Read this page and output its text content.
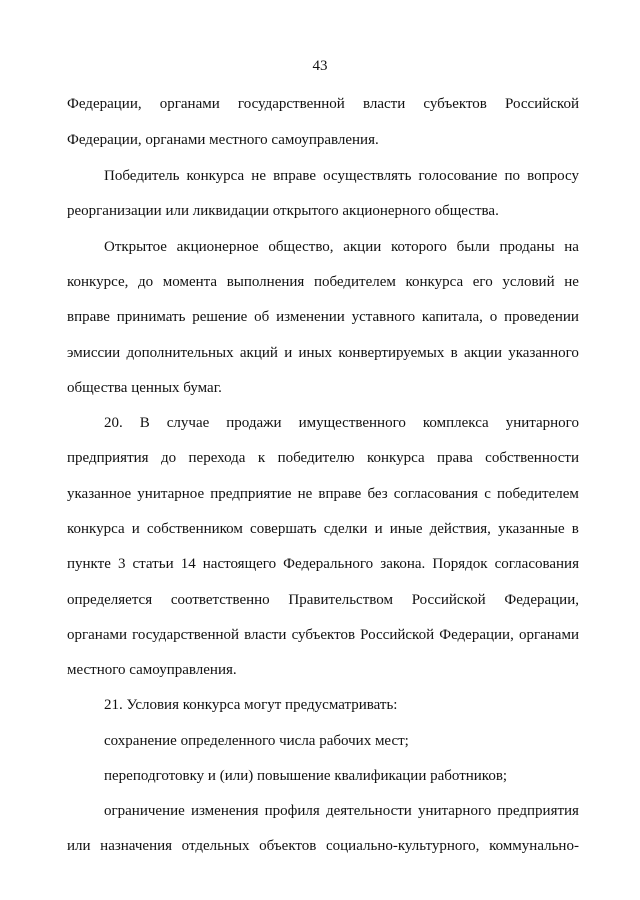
43
Федерации, органами государственной власти субъектов Российской
Федерации, органами местного самоуправления.
Победитель конкурса не вправе осуществлять голосование по вопросу
реорганизации или ликвидации открытого акционерного общества.
Открытое акционерное общество, акции которого были проданы на
конкурсе, до момента выполнения победителем конкурса его условий не
вправе принимать решение об изменении уставного капитала, о проведении
эмиссии дополнительных акций и иных конвертируемых в акции указанного
общества ценных бумаг.
20. В случае продажи имущественного комплекса унитарного
предприятия до перехода к победителю конкурса права собственности
указанное унитарное предприятие не вправе без согласования с победителем
конкурса и собственником совершать сделки и иные действия, указанные в
пункте 3 статьи 14 настоящего Федерального закона. Порядок согласования
определяется соответственно Правительством Российской Федерации,
органами государственной власти субъектов Российской Федерации, органами
местного самоуправления.
21. Условия конкурса могут предусматривать:
сохранение определенного числа рабочих мест;
переподготовку и (или) повышение квалификации работников;
ограничение изменения профиля деятельности унитарного предприятия
или назначения отдельных объектов социально-культурного, коммунально-
